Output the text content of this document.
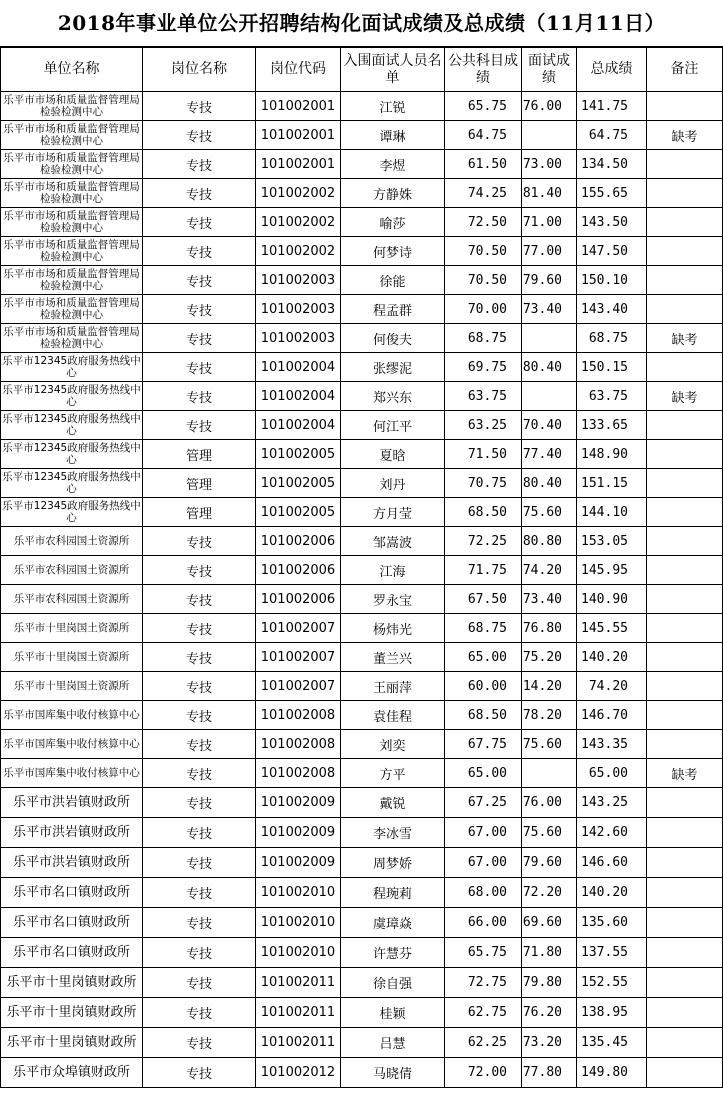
2018年事业单位公开招聘结构化面试成绩及总成绩（11月11日）
单位名称	岗位名称	岗位代码	入围面试人员名单	公共科目成绩	面试成绩	总成绩	备注
乐平市市场和质量监督管理局检验检测中心	专技	101002001	江锐	65.75	76.00	141.75	
乐平市市场和质量监督管理局检验检测中心	专技	101002001	谭琳	64.75		64.75	缺考
乐平市市场和质量监督管理局检验检测中心	专技	101002001	李煜	61.50	73.00	134.50	
乐平市市场和质量监督管理局检验检测中心	专技	101002002	方静姝	74.25	81.40	155.65	
乐平市市场和质量监督管理局检验检测中心	专技	101002002	喻莎	72.50	71.00	143.50	
乐平市市场和质量监督管理局检验检测中心	专技	101002002	何梦诗	70.50	77.00	147.50	
乐平市市场和质量监督管理局检验检测中心	专技	101002003	徐能	70.50	79.60	150.10	
乐平市市场和质量监督管理局检验检测中心	专技	101002003	程孟群	70.00	73.40	143.40	
乐平市市场和质量监督管理局检验检测中心	专技	101002003	何俊夫	68.75		68.75	缺考
乐平市12345政府服务热线中心	专技	101002004	张缪泥	69.75	80.40	150.15	
乐平市12345政府服务热线中心	专技	101002004	郑兴东	63.75		63.75	缺考
乐平市12345政府服务热线中心	专技	101002004	何江平	63.25	70.40	133.65	
乐平市12345政府服务热线中心	管理	101002005	夏晗	71.50	77.40	148.90	
乐平市12345政府服务热线中心	管理	101002005	刘丹	70.75	80.40	151.15	
乐平市12345政府服务热线中心	管理	101002005	方月莹	68.50	75.60	144.10	
乐平市农科园国土资源所	专技	101002006	邹嵩波	72.25	80.80	153.05	
乐平市农科园国土资源所	专技	101002006	江海	71.75	74.20	145.95	
乐平市农科园国土资源所	专技	101002006	罗永宝	67.50	73.40	140.90	
乐平市十里岗国土资源所	专技	101002007	杨炜光	68.75	76.80	145.55	
乐平市十里岗国土资源所	专技	101002007	董兰兴	65.00	75.20	140.20	
乐平市十里岗国土资源所	专技	101002007	王丽萍	60.00	14.20	74.20	
乐平市国库集中收付核算中心	专技	101002008	袁佳程	68.50	78.20	146.70	
乐平市国库集中收付核算中心	专技	101002008	刘奕	67.75	75.60	143.35	
乐平市国库集中收付核算中心	专技	101002008	方平	65.00		65.00	缺考
乐平市洪岩镇财政所	专技	101002009	戴锐	67.25	76.00	143.25	
乐平市洪岩镇财政所	专技	101002009	李冰雪	67.00	75.60	142.60	
乐平市洪岩镇财政所	专技	101002009	周梦娇	67.00	79.60	146.60	
乐平市名口镇财政所	专技	101002010	程琬莉	68.00	72.20	140.20	
乐平市名口镇财政所	专技	101002010	虞璋焱	66.00	69.60	135.60	
乐平市名口镇财政所	专技	101002010	许慧芬	65.75	71.80	137.55	
乐平市十里岗镇财政所	专技	101002011	徐自强	72.75	79.80	152.55	
乐平市十里岗镇财政所	专技	101002011	桂颖	62.75	76.20	138.95	
乐平市十里岗镇财政所	专技	101002011	吕慧	62.25	73.20	135.45	
乐平市众埠镇财政所	专技	101002012	马晓倩	72.00	77.80	149.80	
